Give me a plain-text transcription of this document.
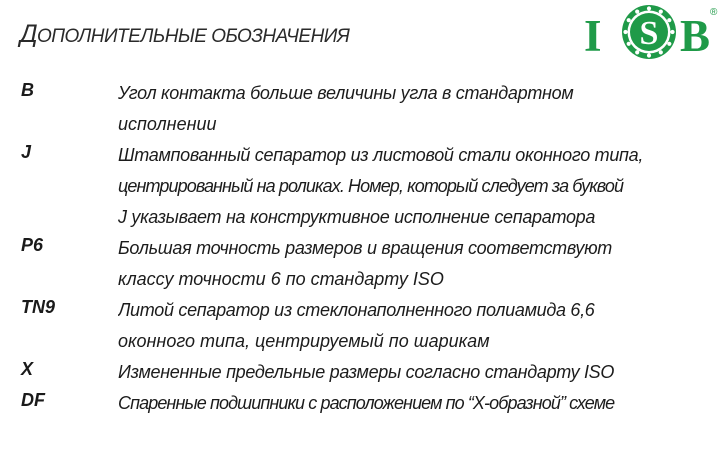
ДОПОЛНИТЕЛЬНЫЕ ОБОЗНАЧЕНИЯ	I S B ®
B	Угол контакта больше величины угла в стандартном
исполнении
J	Штампованный сепаратор из листовой стали оконного типа,
центрированный на роликах. Номер, который следует за буквой
J указывает на конструктивное исполнение сепаратора
P6	Большая точность размеров и вращения соответствуют
классу точности 6 по стандарту ISO
TN9	Литой сепаратор из стеклонаполненного полиамида 6,6
оконного типа, центрируемый по шарикам
X	Измененные предельные размеры согласно стандарту ISO
DF	Спаренные подшипники с расположением по “X-образной” схеме
